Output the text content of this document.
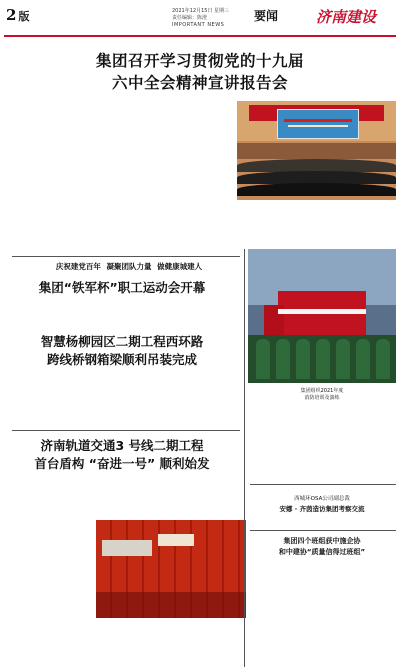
2 版	2021年12月15日 星期三
责任编辑：陈澄
IMPORTANT NEWS
要闻	济南建设
集团召开学习贯彻党的十九届
六中全会精神宣讲报告会
庆祝建党百年 凝聚团队力量 做健康城建人
集团“铁军杯”职工运动会开幕
智慧杨柳园区二期工程西环路
跨线桥钢箱梁顺利吊装完成
济南轨道交通3 号线二期工程
首台盾构 “奋进一号” 顺利始发
集团组织2021年度
消防培训及演练
西城环OSA公司副总裁
安娜 · 齐茵造访集团考察交流
集团四个班组获中施企协
和中建协“质量信得过班组”
